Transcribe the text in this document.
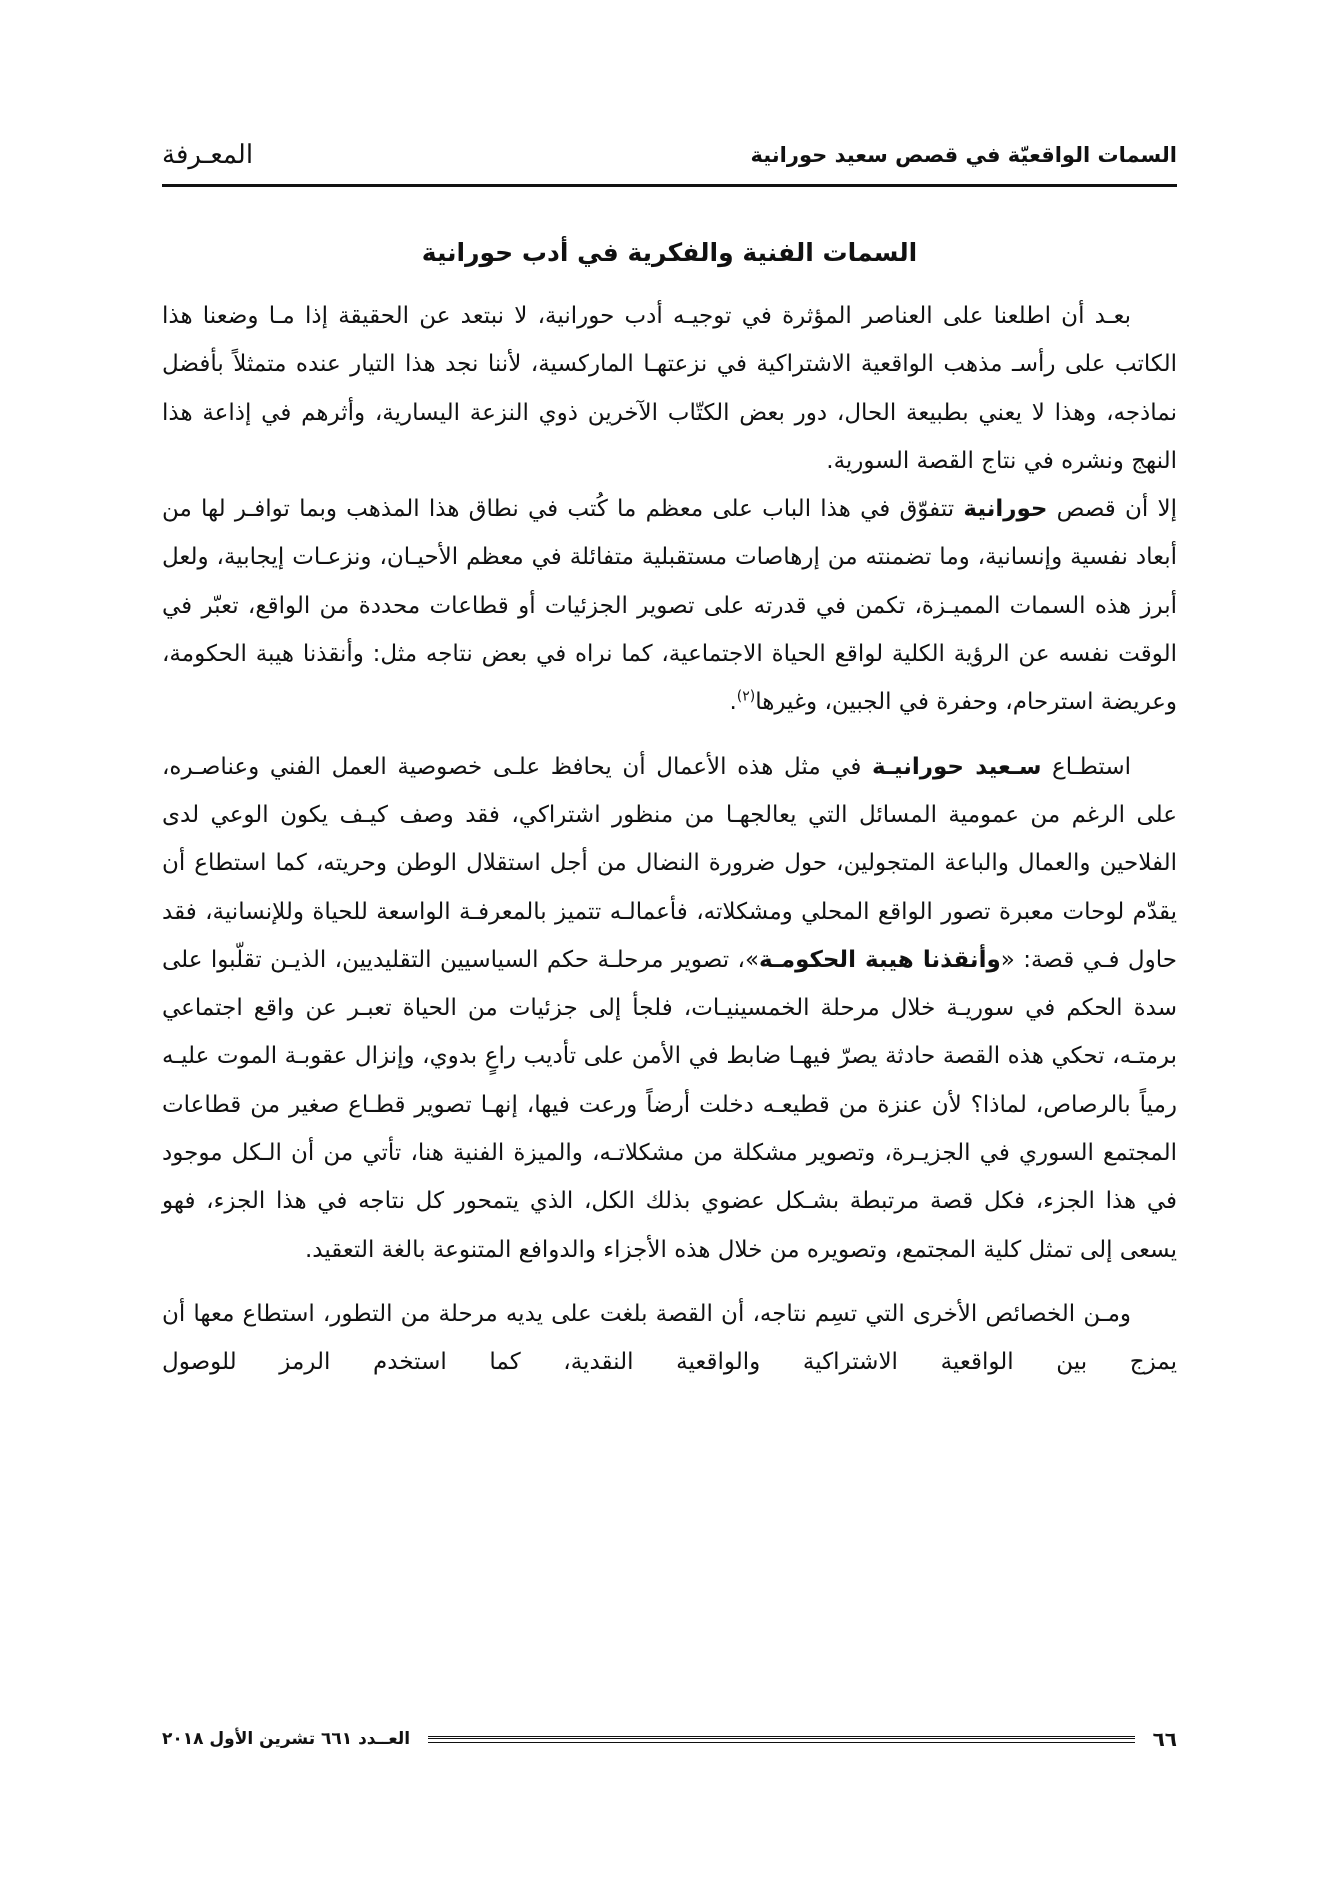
السمات الواقعيّة في قصص سعيد حورانية
المعـرفة
السمات الفنية والفكرية في أدب حورانية

بعـد أن اطلعنا على العناصر المؤثرة في توجيـه أدب حورانية، لا نبتعد عن الحقيقة إذا مـا وضعنا هذا الكاتب على رأسـ مذهب الواقعية الاشتراكية في نزعتهـا الماركسية، لأننا نجد هذا التيار عنده متمثلاً بأفضل نماذجه، وهذا لا يعني بطبيعة الحال، دور بعض الكتّاب الآخرين ذوي النزعة اليسارية، وأثرهم في إذاعة هذا النهج ونشره في نتاج القصة السورية.
إلا أن قصص حورانية تتفوّق في هذا الباب على معظم ما كُتب في نطاق هذا المذهب وبما توافـر لها من أبعاد نفسية وإنسانية، وما تضمنته من إرهاصات مستقبلية متفائلة في معظم الأحيـان، ونزعـات إيجابية، ولعل أبرز هذه السمات المميـزة، تكمن في قدرته على تصوير الجزئيات أو قطاعات محددة من الواقع، تعبّر في الوقت نفسه عن الرؤية الكلية لواقع الحياة الاجتماعية، كما نراه في بعض نتاجه مثل: وأنقذنا هيبة الحكومة، وعريضة استرحام، وحفرة في الجبين، وغيرها$^{(٢)}$.

استطـاع سـعيد حورانيـة في مثل هذه الأعمال أن يحافظ علـى خصوصية العمل الفني وعناصـره، على الرغم من عمومية المسائل التي يعالجهـا من منظور اشتراكي، فقد وصف كيـف يكون الوعي لدى الفلاحين والعمال والباعة المتجولين، حول ضرورة النضال من أجل استقلال الوطن وحريته، كما استطاع أن يقدّم لوحات معبرة تصور الواقع المحلي ومشكلاته، فأعمالـه تتميز بالمعرفـة الواسعة للحياة وللإنسانية، فقد حاول فـي قصة: «وأنقذنا هيبة الحكومـة»، تصوير مرحلـة حكم السياسيين التقليديين، الذيـن تقلّبوا على سدة الحكم في سوريـة خلال مرحلة الخمسينيـات، فلجأ إلى جزئيات من الحياة تعبـر عن واقع اجتماعي برمتـه، تحكي هذه القصة حادثة يصرّ فيهـا ضابط في الأمن على تأديب راعٍ بدوي، وإنزال عقوبـة الموت عليـه رمياً بالرصاص، لماذا؟ لأن عنزة من قطيعـه دخلت أرضاً ورعت فيها، إنهـا تصوير قطـاع صغير من قطاعات المجتمع السوري في الجزيـرة، وتصوير مشكلة من مشكلاتـه، والميزة الفنية هنا، تأتي من أن الـكل موجود في هذا الجزء، فكل قصة مرتبطة بشـكل عضوي بذلك الكل، الذي يتمحور كل نتاجه في هذا الجزء، فهو يسعى إلى تمثل كلية المجتمع، وتصويره من خلال هذه الأجزاء والدوافع المتنوعة بالغة التعقيد.

ومـن الخصائص الأخرى التي تسِم نتاجه، أن القصة بلغت على يديه مرحلة من التطور، استطاع معها أن يمزج بين الواقعية الاشتراكية والواقعية النقدية، كما استخدم الرمز للوصول

٦٦
العــدد ٦٦١ تشرين الأول ٢٠١٨
